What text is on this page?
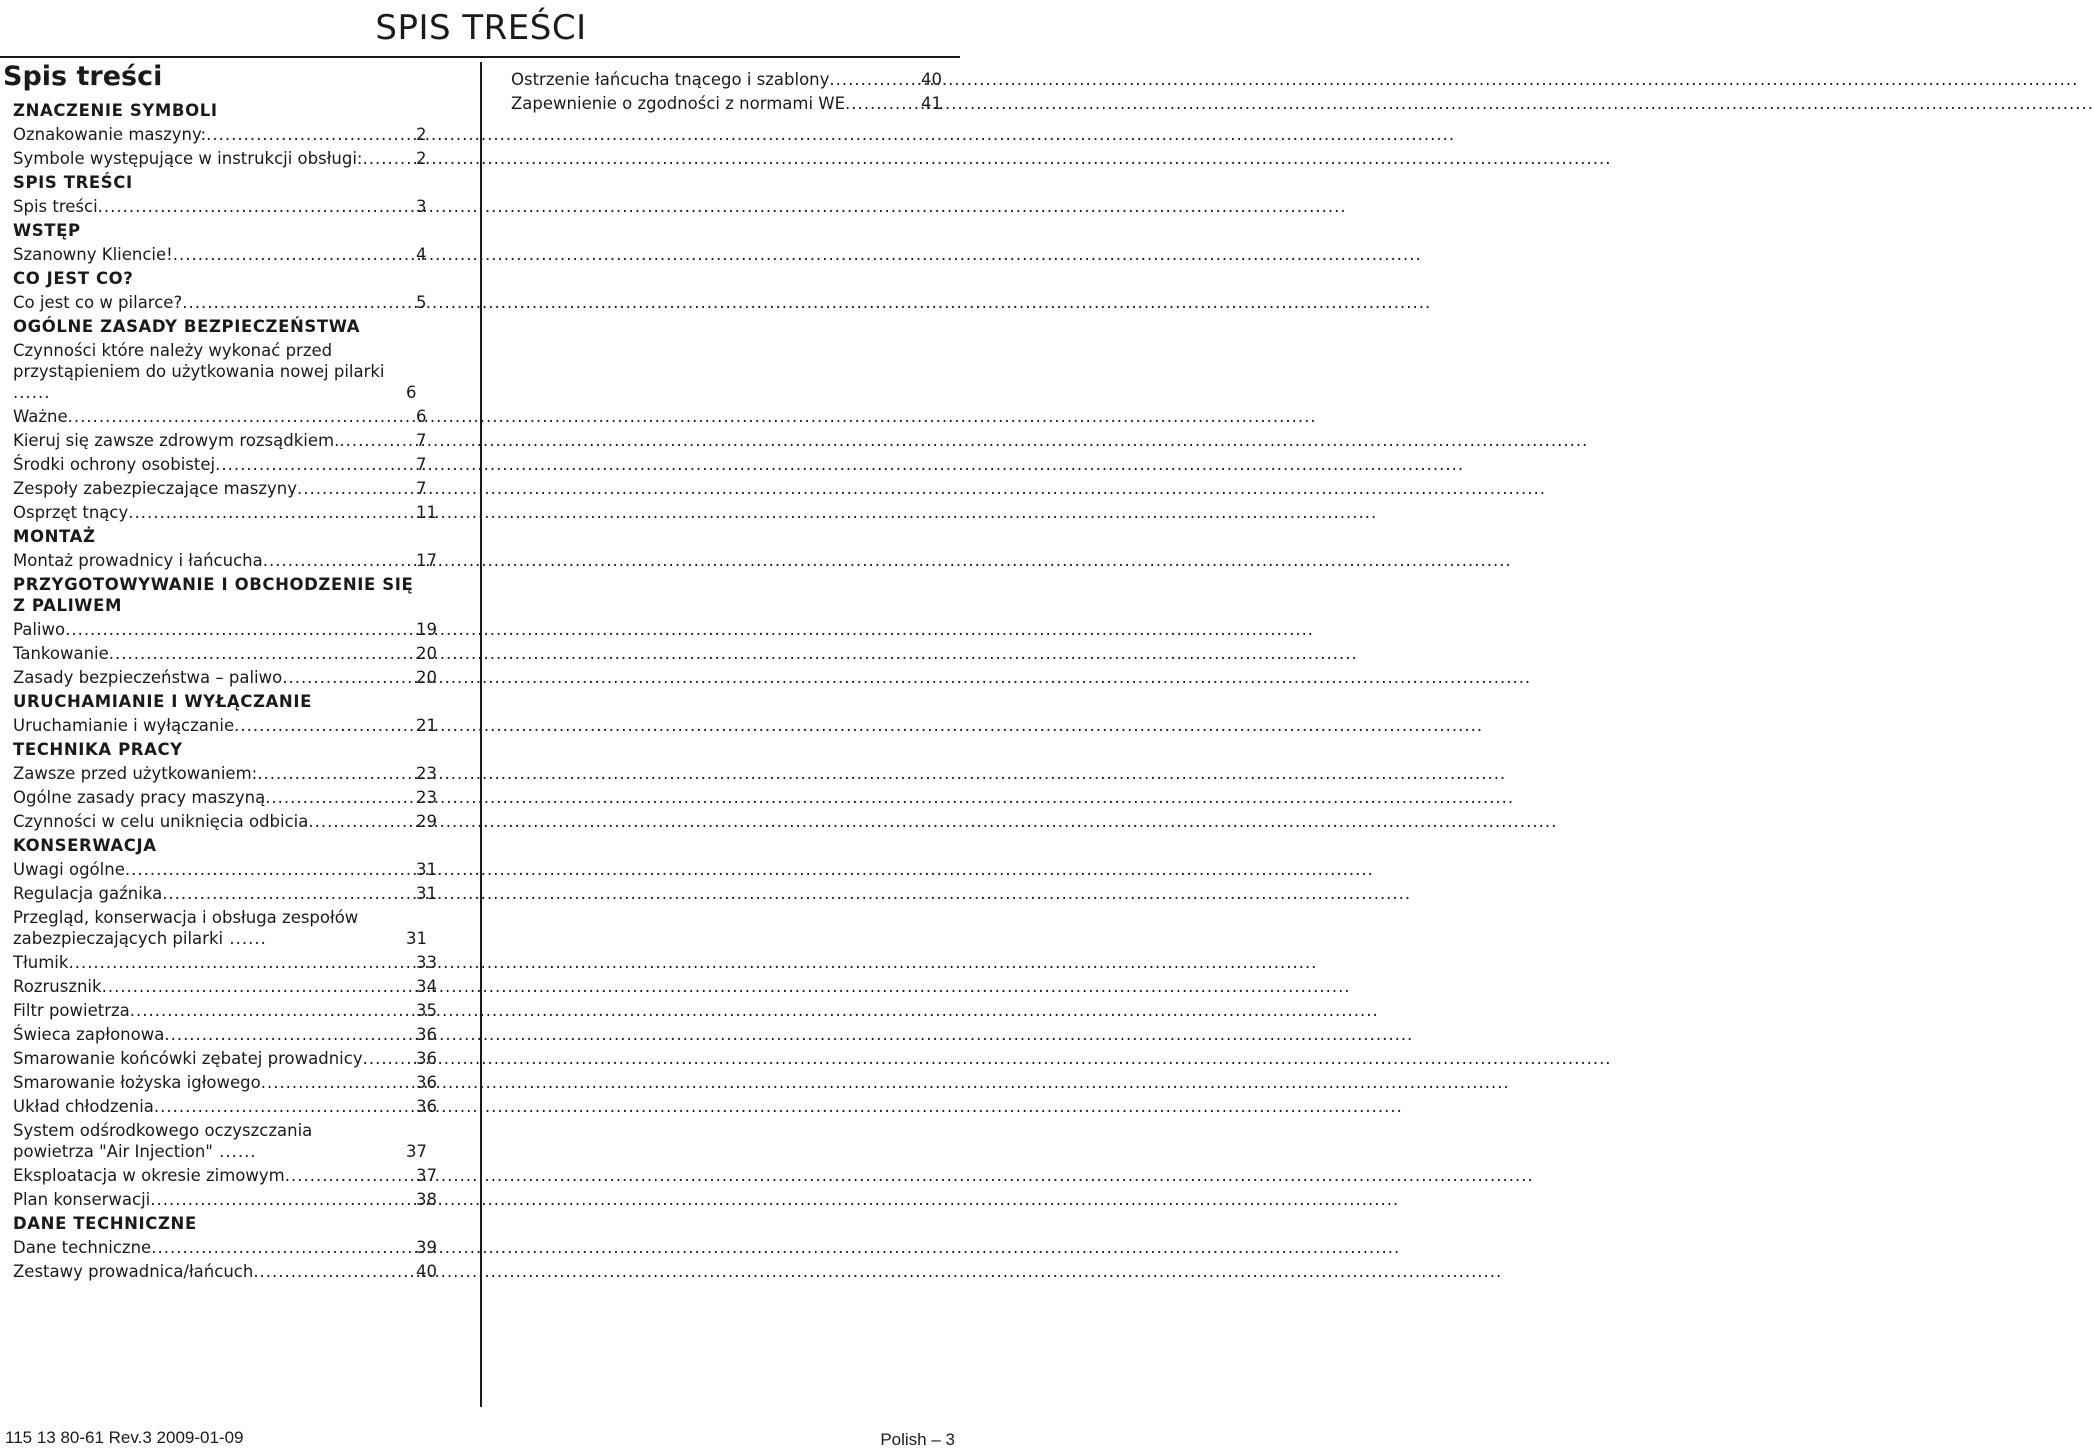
SPIS TREŚCI
Spis treści
ZNACZENIE SYMBOLI
Oznakowanie maszyny: .....	2
Symbole występujące w instrukcji obsługi: .....	2
SPIS TREŚCI
Spis treści .....	3
WSTĘP
Szanowny Kliencie! .....	4
CO JEST CO?
Co jest co w pilarce? .....	5
OGÓLNE ZASADY BEZPIECZEŃSTWA
Czynności które należy wykonać przed przystąpieniem do użytkowania nowej pilarki ......	6
Ważne .....	6
Kieruj się zawsze zdrowym rozsądkiem. .....	7
Środki ochrony osobistej .....	7
Zespoły zabezpieczające maszyny .....	7
Osprzęt tnący .....	11
MONTAŻ
Montaż prowadnicy i łańcucha .....	17
PRZYGOTOWYWANIE I OBCHODZENIE SIĘ Z PALIWEM
Paliwo .....	19
Tankowanie .....	20
Zasady bezpieczeństwa – paliwo .....	20
URUCHAMIANIE I WYŁĄCZANIE
Uruchamianie i wyłączanie .....	21
TECHNIKA PRACY
Zawsze przed użytkowaniem: .....	23
Ogólne zasady pracy maszyną .....	23
Czynności w celu uniknięcia odbicia .....	29
KONSERWACJA
Uwagi ogólne .....	31
Regulacja gaźnika .....	31
Przegląd, konserwacja i obsługa zespołów zabezpieczających pilarki ......	31
Tłumik .....	33
Rozrusznik .....	34
Filtr powietrza .....	35
Świeca zapłonowa .....	36
Smarowanie końcówki zębatej prowadnicy .....	36
Smarowanie łożyska igłowego .....	36
Układ chłodzenia .....	36
System odśrodkowego oczyszczania powietrza "Air Injection" ......	37
Eksploatacja w okresie zimowym .....	37
Plan konserwacji .....	38
DANE TECHNICZNE
Dane techniczne .....	39
Zestawy prowadnica/łańcuch .....	40
Ostrzenie łańcucha tnącego i szablony .....	40
Zapewnienie o zgodności z normami WE .....	41
115 13 80-61 Rev.3 2009-01-09	Polish – 3
